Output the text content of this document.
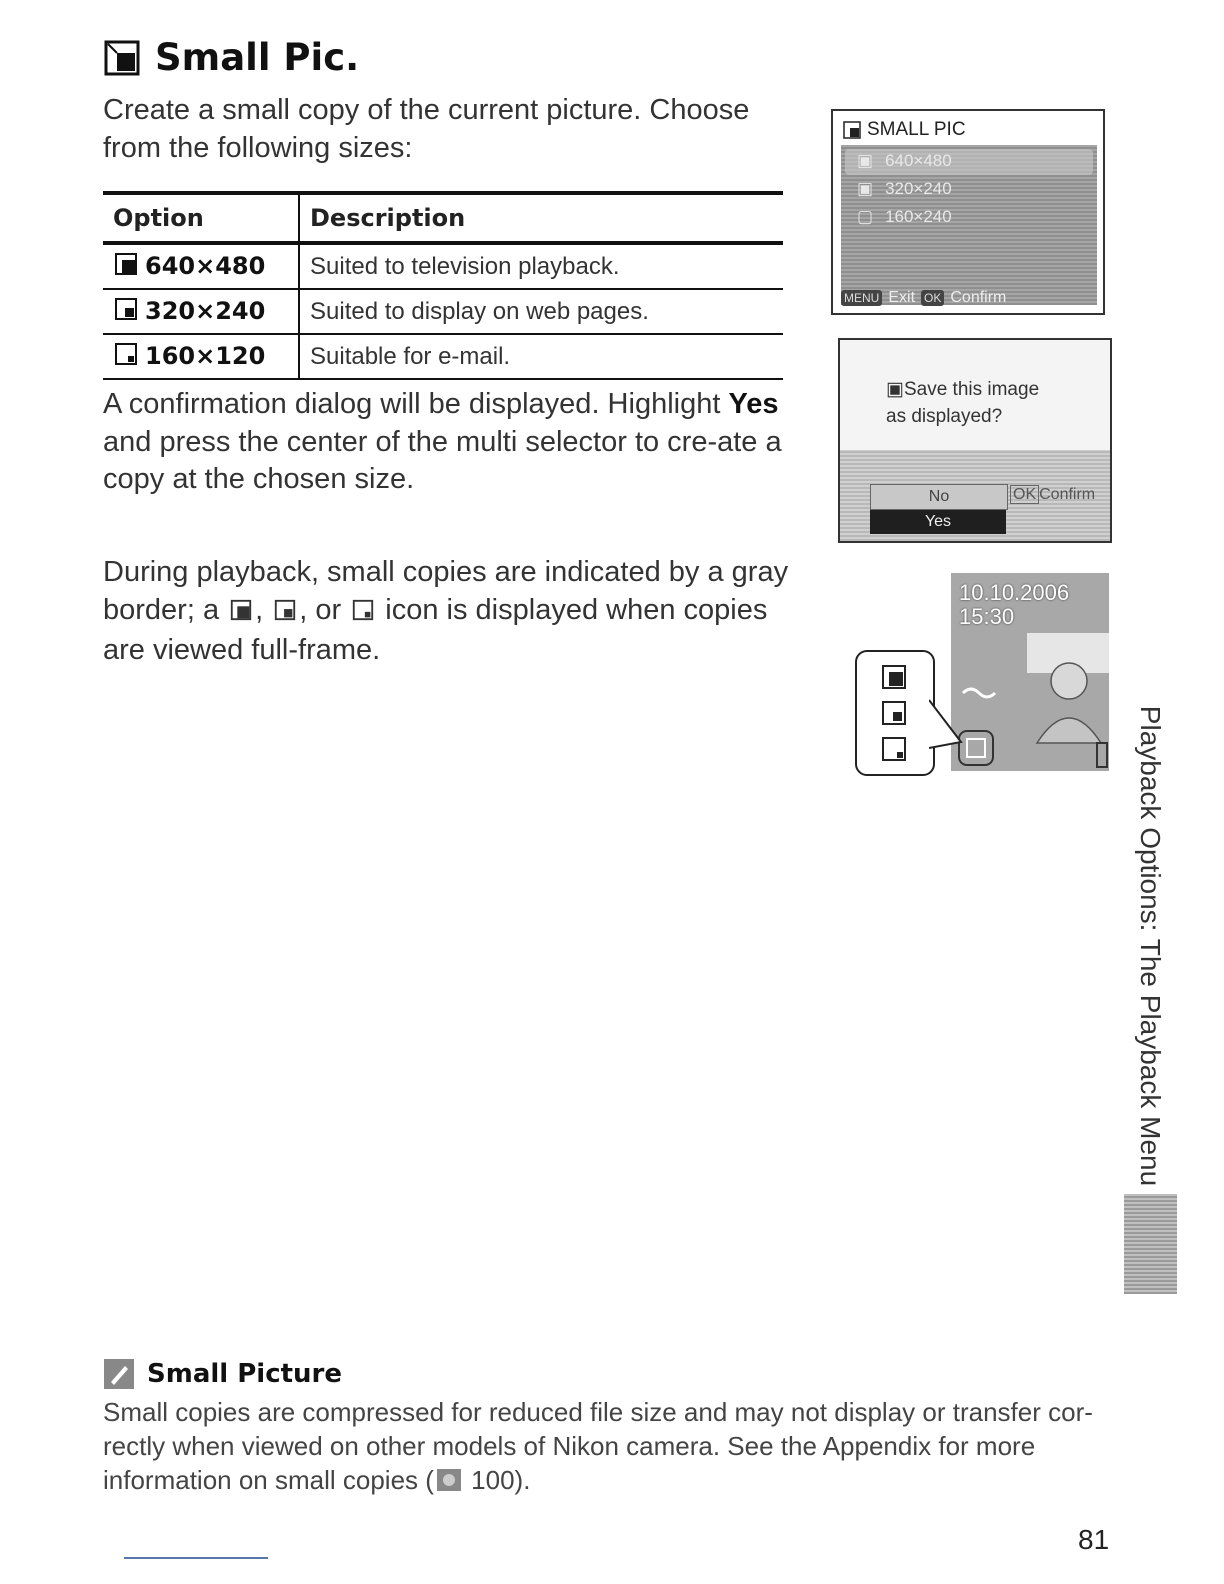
Small Pic.
Create a small copy of the current picture. Choose from the following sizes:
Option	Description
640×480	Suited to television playback.
320×240	Suited to display on web pages.
160×120	Suitable for e-mail.
A confirmation dialog will be displayed. Highlight Yes and press the center of the multi selector to cre-ate a copy at the chosen size.
During playback, small copies are indicated by a gray border; a , , or  icon is displayed when copies are viewed full-frame.
SMALL PIC
▣ 640×480
▣ 320×240
▢ 160×240
MENU Exit OK Confirm
▣Save this image
as displayed?
No
Yes
OK Confirm
10.10.2006
15:30
Playback Options: The Playback Menu
Small Picture
Small copies are compressed for reduced file size and may not display or transfer cor-rectly when viewed on other models of Nikon camera. See the Appendix for more information on small copies ( 100).
81
